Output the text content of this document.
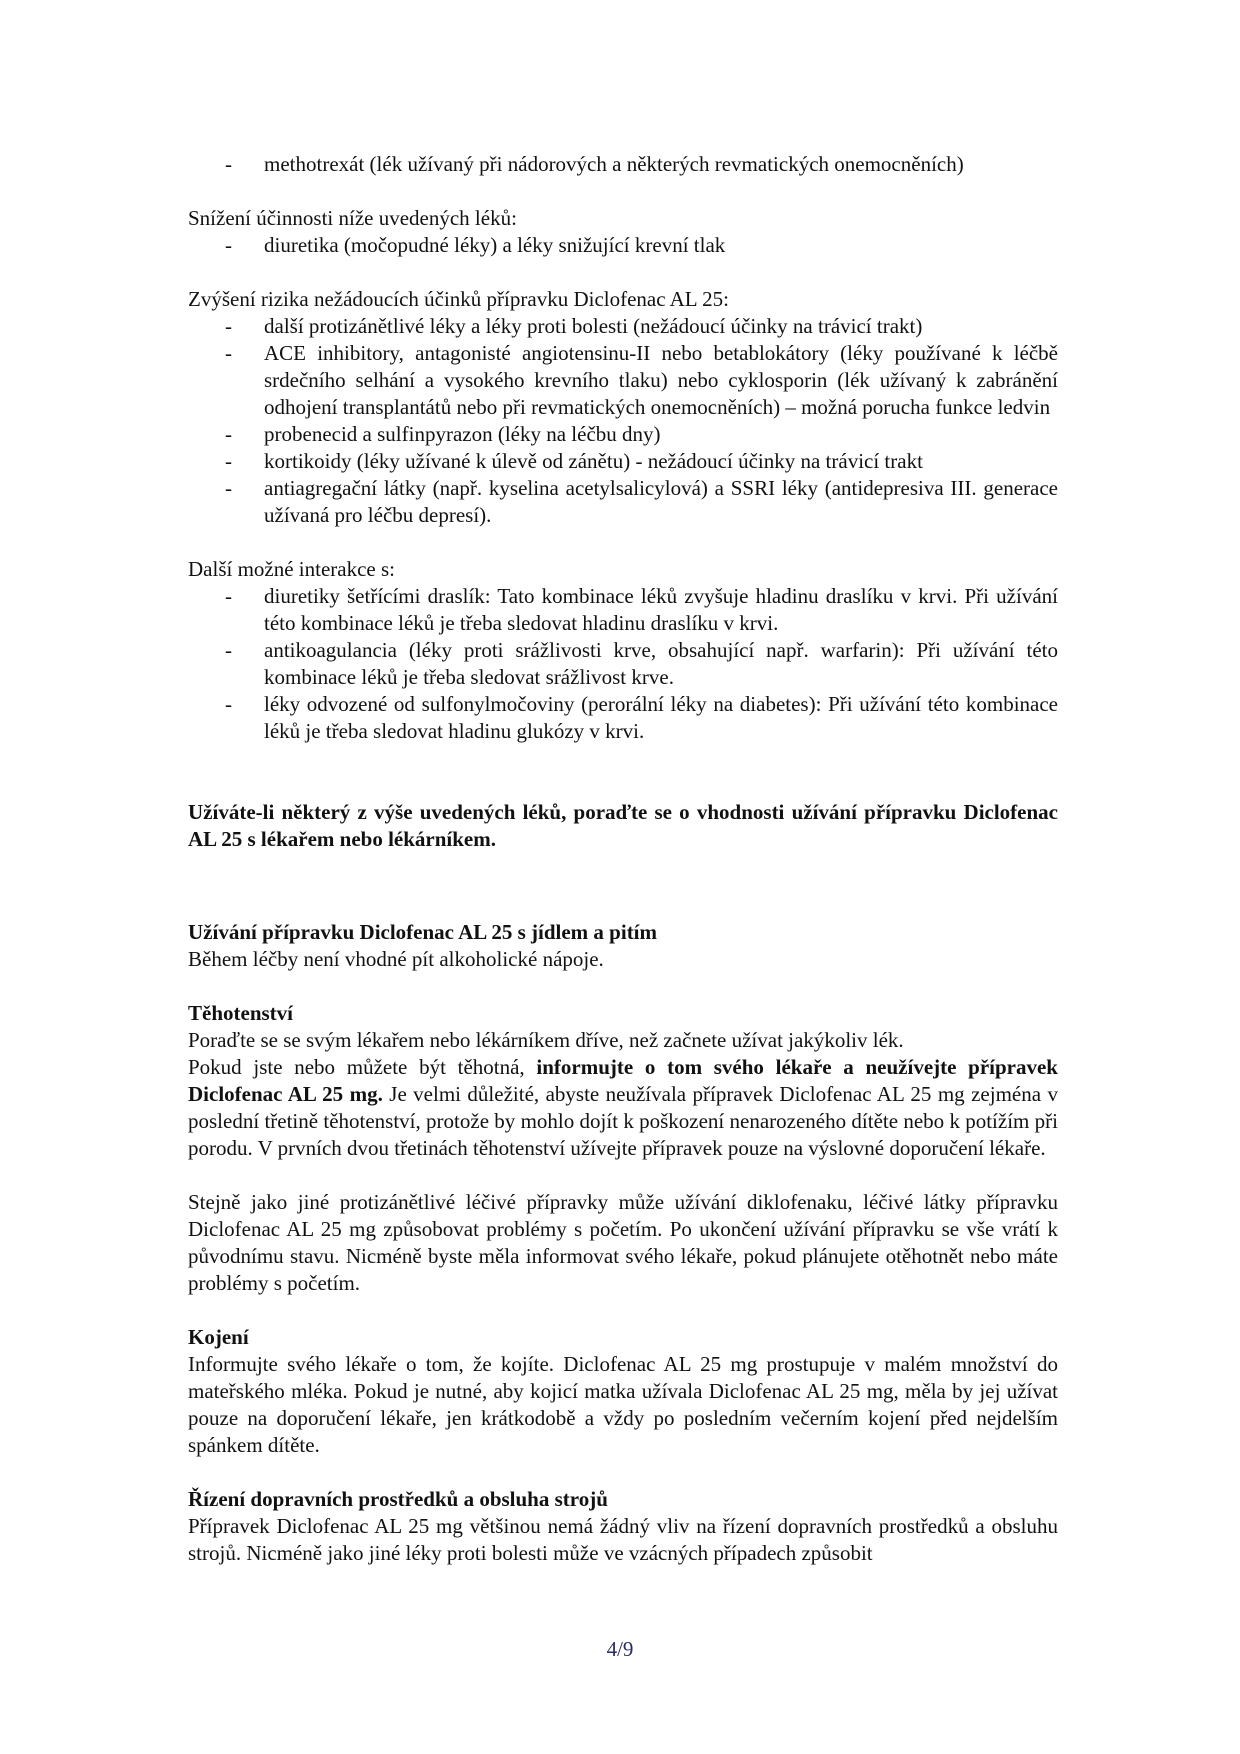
- methotrexát (lék užívaný při nádorových a některých revmatických onemocněních)

Snížení účinnosti níže uvedených léků:

- diuretika (močopudné léky) a léky snižující krevní tlak

Zvýšení rizika nežádoucích účinků přípravku Diclofenac AL 25:

- další protizánětlivé léky a léky proti bolesti (nežádoucí účinky na trávicí trakt)
- ACE inhibitory, antagonisté angiotensinu-II nebo betablokátory (léky používané k léčbě srdečního selhání a vysokého krevního tlaku) nebo cyklosporin (lék užívaný k zabránění odhojení transplantátů nebo při revmatických onemocněních) – možná porucha funkce ledvin
- probenecid a sulfinpyrazon (léky na léčbu dny)
- kortikoidy (léky užívané k úlevě od zánětu) - nežádoucí účinky na trávicí trakt
- antiagregační látky (např. kyselina acetylsalicylová) a SSRI léky (antidepresiva III. generace užívaná pro léčbu depresí).

Další možné interakce s:

- diuretiky šetřícími draslík: Tato kombinace léků zvyšuje hladinu draslíku v krvi. Při užívání této kombinace léků je třeba sledovat hladinu draslíku v krvi.
- antikoagulancia (léky proti srážlivosti krve, obsahující např. warfarin): Při užívání této kombinace léků je třeba sledovat srážlivost krve.
- léky odvozené od sulfonylmočoviny (perorální léky na diabetes): Při užívání této kombinace léků je třeba sledovat hladinu glukózy v krvi.

Užíváte-li některý z výše uvedených léků, poraďte se o vhodnosti užívání přípravku Diclofenac AL 25 s lékařem nebo lékárníkem.

Užívání přípravku Diclofenac AL 25 s jídlem a pitím

Během léčby není vhodné pít alkoholické nápoje.

Těhotenství

Poraďte se se svým lékařem nebo lékárníkem dříve, než začnete užívat jakýkoliv lék.

Pokud jste nebo můžete být těhotná, informujte o tom svého lékaře a neužívejte přípravek Diclofenac AL 25 mg. Je velmi důležité, abyste neužívala přípravek Diclofenac AL 25 mg zejména v poslední třetině těhotenství, protože by mohlo dojít k poškození nenarozeného dítěte nebo k potížím při porodu. V prvních dvou třetinách těhotenství užívejte přípravek pouze na výslovné doporučení lékaře.

Stejně jako jiné protizánětlivé léčivé přípravky může užívání diklofenaku, léčivé látky přípravku Diclofenac AL 25 mg způsobovat problémy s početím. Po ukončení užívání přípravku se vše vrátí k původnímu stavu. Nicméně byste měla informovat svého lékaře, pokud plánujete otěhotnět nebo máte problémy s početím.

Kojení

Informujte svého lékaře o tom, že kojíte. Diclofenac AL 25 mg prostupuje v malém množství do mateřského mléka. Pokud je nutné, aby kojicí matka užívala Diclofenac AL 25 mg, měla by jej užívat pouze na doporučení lékaře, jen krátkodobě a vždy po posledním večerním kojení před nejdelším spánkem dítěte.

Řízení dopravních prostředků a obsluha strojů

Přípravek Diclofenac AL 25 mg většinou nemá žádný vliv na řízení dopravních prostředků a obsluhu strojů. Nicméně jako jiné léky proti bolesti může ve vzácných případech způsobit

4/9
